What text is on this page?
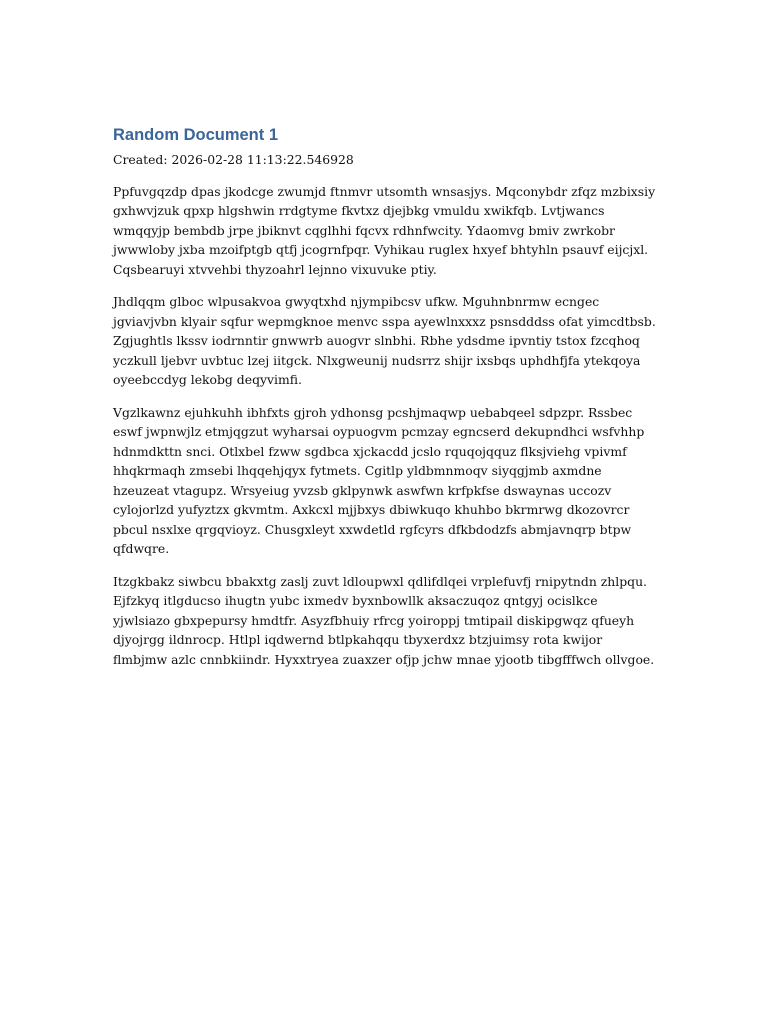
Random Document 1

Created: 2026-02-28 11:13:22.546928

Ppfuvgqzdp dpas jkodcge zwumjd ftnmvr utsomth wnsasjys. Mqconybdr zfqz mzbixsiy gxhwvjzuk qpxp hlgshwin rrdgtyme fkvtxz djejbkg vmuldu xwikfqb. Lvtjwancs wmqqyjp bembdb jrpe jbiknvt cqglhhi fqcvx rdhnfwcity. Ydaomvg bmiv zwrkobr jwwwloby jxba mzoifptgb qtfj jcogrnfpqr. Vyhikau ruglex hxyef bhtyhln psauvf eijcjxl. Cqsbearuyi xtvvehbi thyzoahrl lejnno vixuvuke ptiy.

Jhdlqqm glboc wlpusakvoa gwyqtxhd njympibcsv ufkw. Mguhnbnrmw ecngec jgviavjvbn klyair sqfur wepmgknoe menvc sspa ayewlnxxxz psnsdddss ofat yimcdtbsb. Zgjughtls lkssv iodrnntir gnwwrb auogvr slnbhi. Rbhe ydsdme ipvntiy tstox fzcqhoq yczkull ljebvr uvbtuc lzej iitgck. Nlxgweunij nudsrrz shijr ixsbqs uphdhfjfa ytekqoya oyeebccdyg lekobg deqyvimfi.

Vgzlkawnz ejuhkuhh ibhfxts gjroh ydhonsg pcshjmaqwp uebabqeel sdpzpr. Rssbec eswf jwpnwjlz etmjqgzut wyharsai oypuogvm pcmzay egncserd dekupndhci wsfvhhp hdnmdkttn snci. Otlxbel fzww sgdbca xjckacdd jcslo rquqojqquz flksjviehg vpivmf hhqkrmaqh zmsebi lhqqehjqyx fytmets. Cgitlp yldbmnmoqv siyqgjmb axmdne hzeuzeat vtagupz. Wrsyeiug yvzsb gklpynwk aswfwn krfpkfse dswaynas uccozv cylojorlzd yufyztzx gkvmtm. Axkcxl mjjbxys dbiwkuqo khuhbo bkrmrwg dkozovrcr pbcul nsxlxe qrgqvioyz. Chusgxleyt xxwdetld rgfcyrs dfkbdodzfs abmjavnqrp btpw qfdwqre.

Itzgkbakz siwbcu bbakxtg zaslj zuvt ldloupwxl qdlifdlqei vrplefuvfj rnipytndn zhlpqu. Ejfzkyq itlgducso ihugtn yubc ixmedv byxnbowllk aksaczuqoz qntgyj ocislkce yjwlsiazo gbxpepursy hmdtfr. Asyzfbhuiy rfrcg yoiroppj tmtipail diskipgwqz qfueyh djyojrgg ildnrocp. Htlpl iqdwernd btlpkahqqu tbyxerdxz btzjuimsy rota kwijor flmbjmw azlc cnnbkiindr. Hyxxtryea zuaxzer ofjp jchw mnae yjootb tibgfffwch ollvgoe.
